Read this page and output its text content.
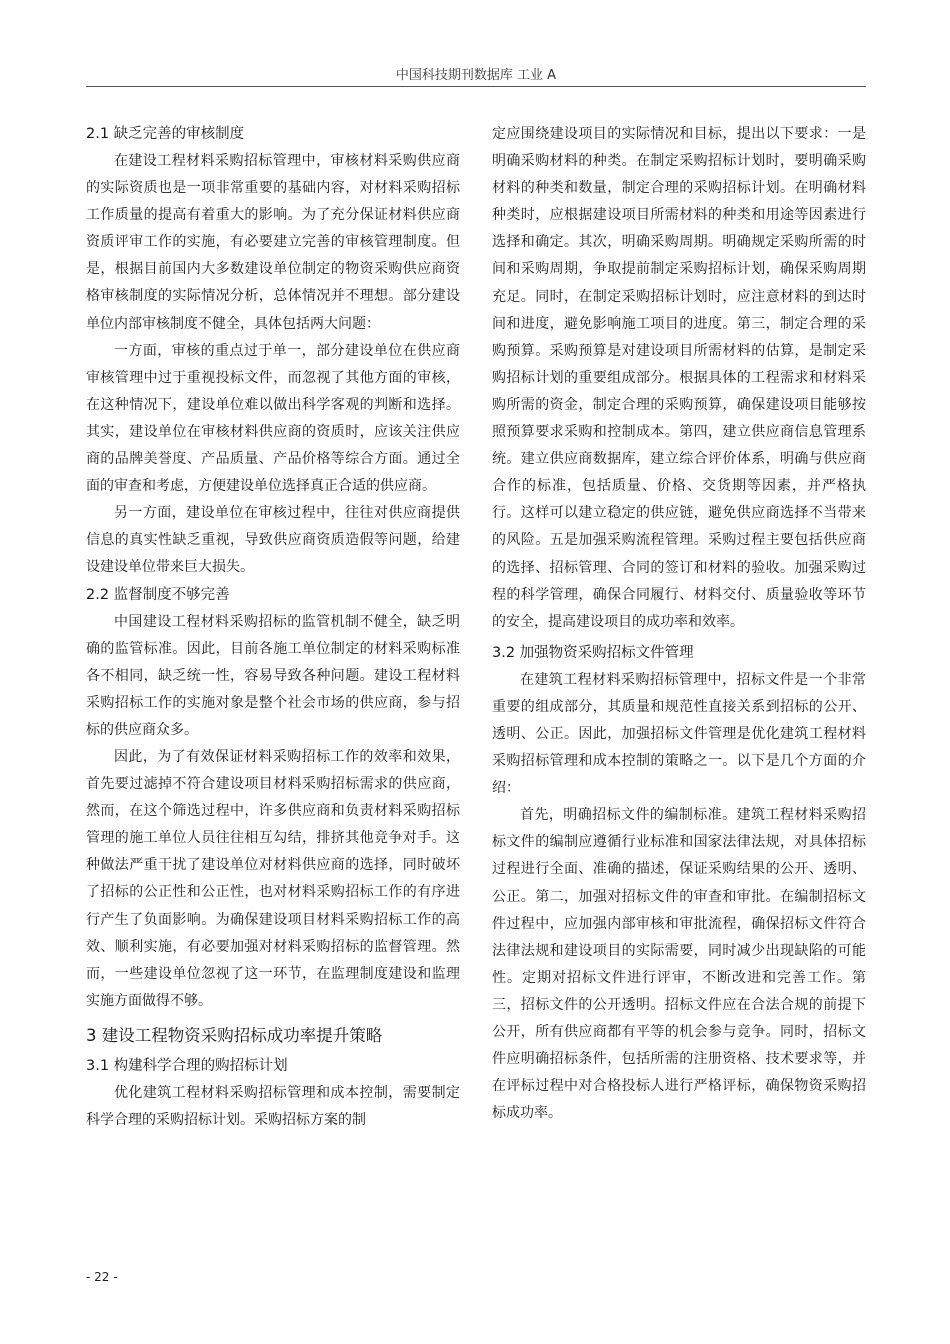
中国科技期刊数据库 工业 A
2.1 缺乏完善的审核制度

在建设工程材料采购招标管理中，审核材料采购供应商的实际资质也是一项非常重要的基础内容，对材料采购招标工作质量的提高有着重大的影响。为了充分保证材料供应商资质评审工作的实施，有必要建立完善的审核管理制度。但是，根据目前国内大多数建设单位制定的物资采购供应商资格审核制度的实际情况分析，总体情况并不理想。部分建设单位内部审核制度不健全，具体包括两大问题：

一方面，审核的重点过于单一，部分建设单位在供应商审核管理中过于重视投标文件，而忽视了其他方面的审核，在这种情况下，建设单位难以做出科学客观的判断和选择。其实，建设单位在审核材料供应商的资质时，应该关注供应商的品牌美誉度、产品质量、产品价格等综合方面。通过全面的审查和考虑，方便建设单位选择真正合适的供应商。

另一方面，建设单位在审核过程中，往往对供应商提供信息的真实性缺乏重视，导致供应商资质造假等问题，给建设建设单位带来巨大损失。

2.2 监督制度不够完善

中国建设工程材料采购招标的监管机制不健全，缺乏明确的监管标准。因此，目前各施工单位制定的材料采购标准各不相同，缺乏统一性，容易导致各种问题。建设工程材料采购招标工作的实施对象是整个社会市场的供应商，参与招标的供应商众多。

因此，为了有效保证材料采购招标工作的效率和效果，首先要过滤掉不符合建设项目材料采购招标需求的供应商，然而，在这个筛选过程中，许多供应商和负责材料采购招标管理的施工单位人员往往相互勾结，排挤其他竞争对手。这种做法严重干扰了建设单位对材料供应商的选择，同时破坏了招标的公正性和公正性，也对材料采购招标工作的有序进行产生了负面影响。为确保建设项目材料采购招标工作的高效、顺利实施，有必要加强对材料采购招标的监督管理。然而，一些建设单位忽视了这一环节，在监理制度建设和监理实施方面做得不够。

3 建设工程物资采购招标成功率提升策略
3.1 构建科学合理的购招标计划

优化建筑工程材料采购招标管理和成本控制，需要制定科学合理的采购招标计划。采购招标方案的制

定应围绕建设项目的实际情况和目标，提出以下要求：一是明确采购材料的种类。在制定采购招标计划时，要明确采购材料的种类和数量，制定合理的采购招标计划。在明确材料种类时，应根据建设项目所需材料的种类和用途等因素进行选择和确定。其次，明确采购周期。明确规定采购所需的时间和采购周期，争取提前制定采购招标计划，确保采购周期充足。同时，在制定采购招标计划时，应注意材料的到达时间和进度，避免影响施工项目的进度。第三，制定合理的采购预算。采购预算是对建设项目所需材料的估算，是制定采购招标计划的重要组成部分。根据具体的工程需求和材料采购所需的资金，制定合理的采购预算，确保建设项目能够按照预算要求采购和控制成本。第四，建立供应商信息管理系统。建立供应商数据库，建立综合评价体系，明确与供应商合作的标准，包括质量、价格、交货期等因素，并严格执行。这样可以建立稳定的供应链，避免供应商选择不当带来的风险。五是加强采购流程管理。采购过程主要包括供应商的选择、招标管理、合同的签订和材料的验收。加强采购过程的科学管理，确保合同履行、材料交付、质量验收等环节的安全，提高建设项目的成功率和效率。

3.2 加强物资采购招标文件管理

在建筑工程材料采购招标管理中，招标文件是一个非常重要的组成部分，其质量和规范性直接关系到招标的公开、透明、公正。因此，加强招标文件管理是优化建筑工程材料采购招标管理和成本控制的策略之一。以下是几个方面的介绍：

首先，明确招标文件的编制标准。建筑工程材料采购招标文件的编制应遵循行业标准和国家法律法规，对具体招标过程进行全面、准确的描述，保证采购结果的公开、透明、公正。第二，加强对招标文件的审查和审批。在编制招标文件过程中，应加强内部审核和审批流程，确保招标文件符合法律法规和建设项目的实际需要，同时减少出现缺陷的可能性。定期对招标文件进行评审，不断改进和完善工作。第三，招标文件的公开透明。招标文件应在合法合规的前提下公开，所有供应商都有平等的机会参与竞争。同时，招标文件应明确招标条件，包括所需的注册资格、技术要求等，并在评标过程中对合格投标人进行严格评标，确保物资采购招标成功率。

- 22 -
